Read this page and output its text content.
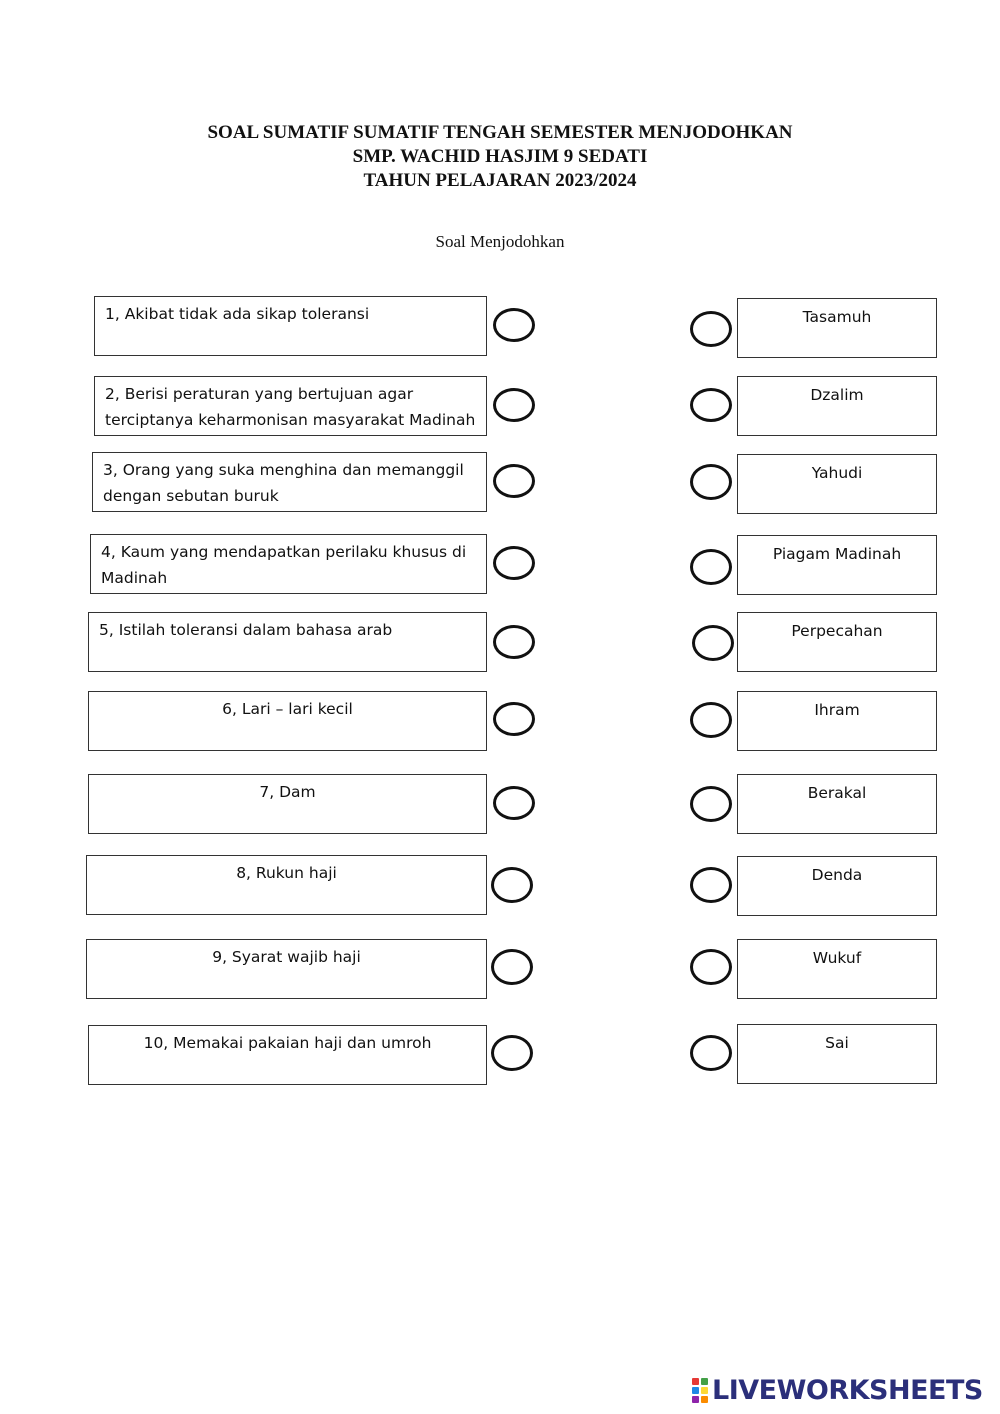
SOAL SUMATIF SUMATIF TENGAH SEMESTER MENJODOHKAN
SMP. WACHID HASJIM 9 SEDATI
TAHUN PELAJARAN 2023/2024
Soal Menjodohkan
1, Akibat tidak ada sikap toleransi
2, Berisi peraturan yang bertujuan agar terciptanya keharmonisan masyarakat Madinah
3, Orang yang suka menghina dan memanggil dengan sebutan buruk
4, Kaum yang mendapatkan perilaku khusus di Madinah
5, Istilah toleransi dalam bahasa arab
6, Lari – lari kecil
7, Dam
8, Rukun haji
9, Syarat wajib haji
10, Memakai pakaian haji dan umroh
Tasamuh
Dzalim
Yahudi
Piagam Madinah
Perpecahan
Ihram
Berakal
Denda
Wukuf
Sai
LIVEWORKSHEETS
